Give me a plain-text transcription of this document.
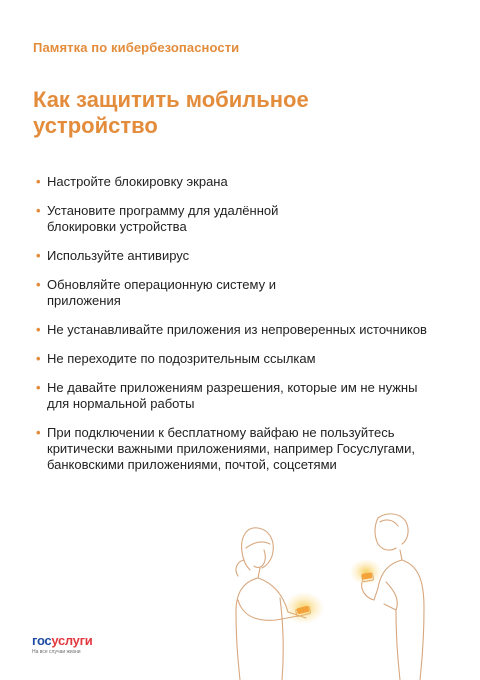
Памятка по кибербезопасности
Как защитить мобильное устройство
• Настройте блокировку экрана
• Установите программу для удалённой блокировки устройства
• Используйте антивирус
• Обновляйте операционную систему и приложения
• Не устанавливайте приложения из непроверенных источников
• Не переходите по подозрительным ссылкам
• Не давайте приложениям разрешения, которые им не нужны для нормальной работы
• При подключении к бесплатному вайфаю не пользуйтесь критически важными приложениями, например Госуслугами, банковскими приложениями, почтой, соцсетями
госуслуги
На все случаи жизни
